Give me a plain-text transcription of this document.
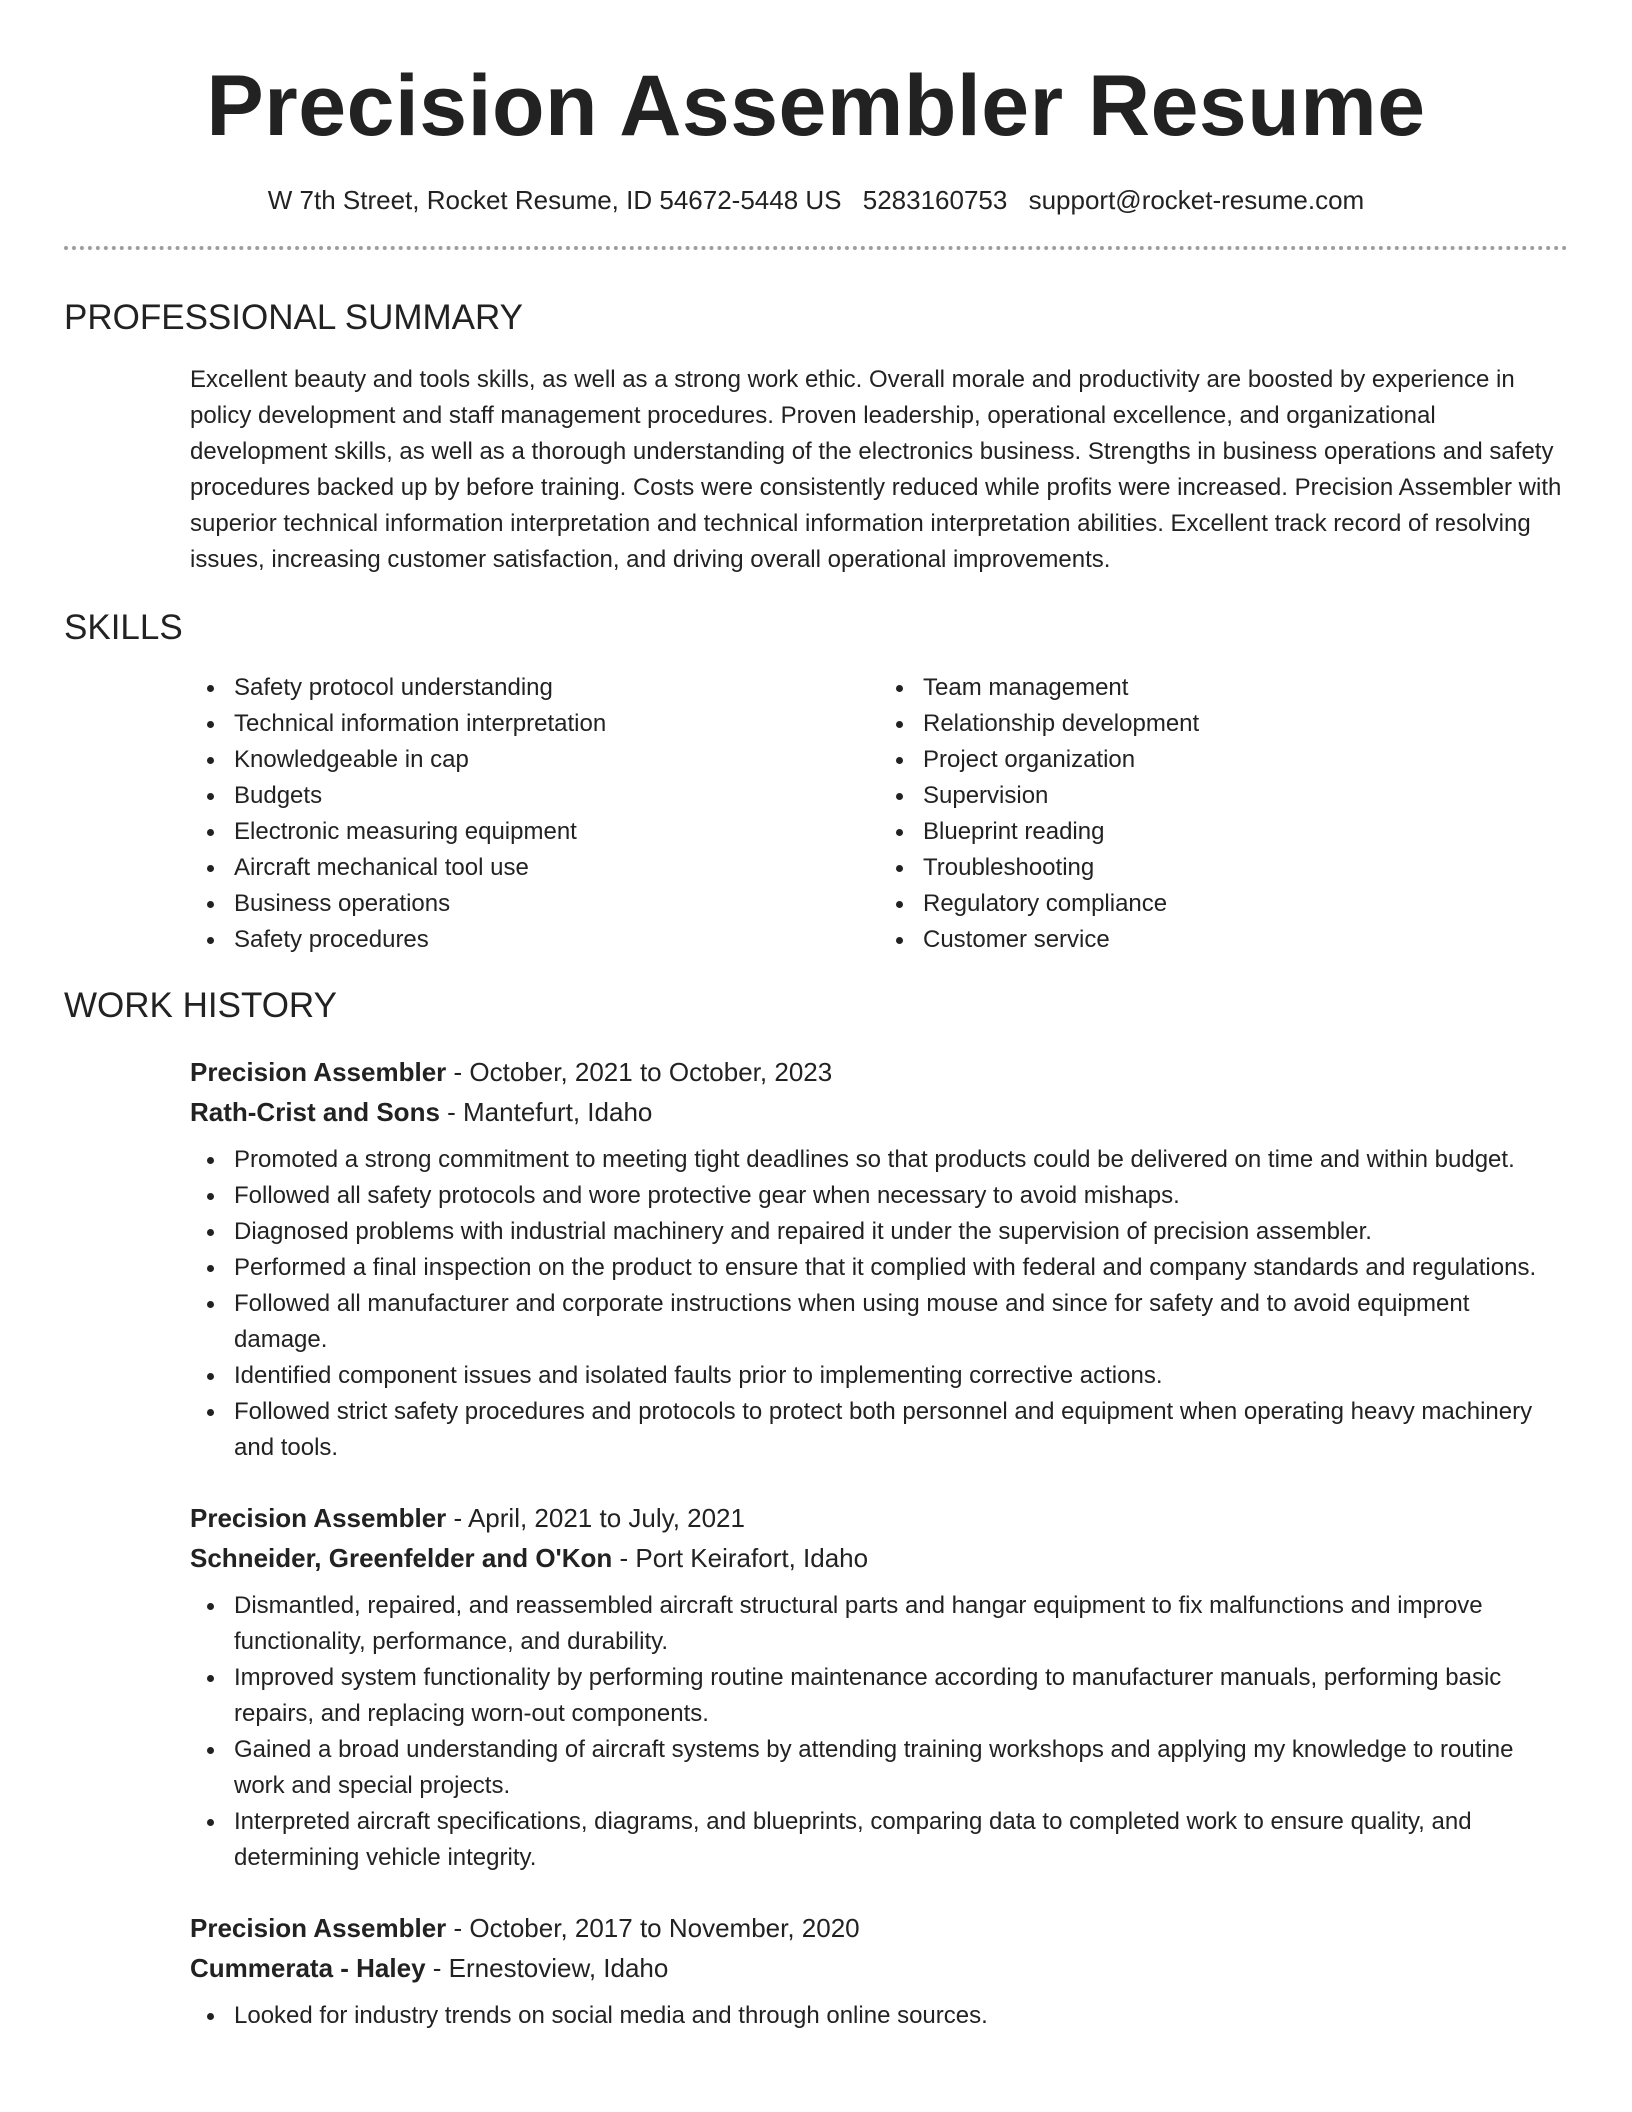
Precision Assembler Resume
W 7th Street, Rocket Resume, ID 54672-5448 US 5283160753 support@rocket-resume.com
PROFESSIONAL SUMMARY

Excellent beauty and tools skills, as well as a strong work ethic. Overall morale and productivity are boosted by experience in policy development and staff management procedures. Proven leadership, operational excellence, and organizational development skills, as well as a thorough understanding of the electronics business. Strengths in business operations and safety procedures backed up by before training. Costs were consistently reduced while profits were increased. Precision Assembler with superior technical information interpretation and technical information interpretation abilities. Excellent track record of resolving issues, increasing customer satisfaction, and driving overall operational improvements.

SKILLS
Safety protocol understanding
Technical information interpretation
Knowledgeable in cap
Budgets
Electronic measuring equipment
Aircraft mechanical tool use
Business operations
Safety procedures
Team management
Relationship development
Project organization
Supervision
Blueprint reading
Troubleshooting
Regulatory compliance
Customer service
WORK HISTORY
Precision Assembler - October, 2021 to October, 2023
Rath-Crist and Sons - Mantefurt, Idaho
Promoted a strong commitment to meeting tight deadlines so that products could be delivered on time and within budget.
Followed all safety protocols and wore protective gear when necessary to avoid mishaps.
Diagnosed problems with industrial machinery and repaired it under the supervision of precision assembler.
Performed a final inspection on the product to ensure that it complied with federal and company standards and regulations.
Followed all manufacturer and corporate instructions when using mouse and since for safety and to avoid equipment damage.
Identified component issues and isolated faults prior to implementing corrective actions.
Followed strict safety procedures and protocols to protect both personnel and equipment when operating heavy machinery and tools.
Precision Assembler - April, 2021 to July, 2021
Schneider, Greenfelder and O'Kon - Port Keirafort, Idaho
Dismantled, repaired, and reassembled aircraft structural parts and hangar equipment to fix malfunctions and improve functionality, performance, and durability.
Improved system functionality by performing routine maintenance according to manufacturer manuals, performing basic repairs, and replacing worn-out components.
Gained a broad understanding of aircraft systems by attending training workshops and applying my knowledge to routine work and special projects.
Interpreted aircraft specifications, diagrams, and blueprints, comparing data to completed work to ensure quality, and determining vehicle integrity.
Precision Assembler - October, 2017 to November, 2020
Cummerata - Haley - Ernestoview, Idaho
Looked for industry trends on social media and through online sources.
